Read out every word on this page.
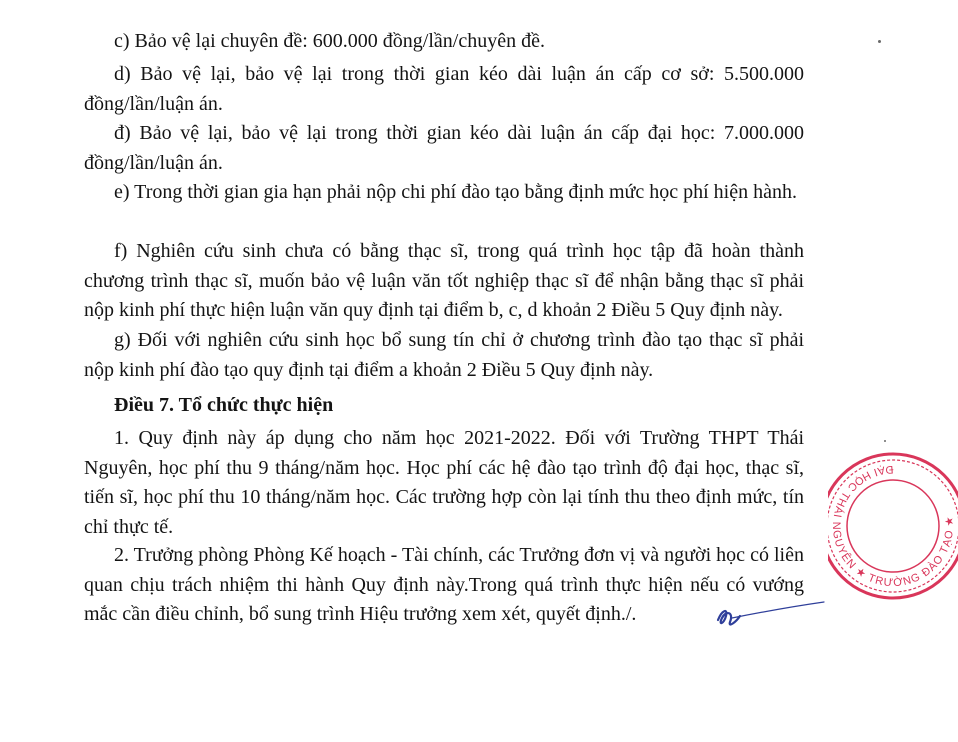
c) Bảo vệ lại chuyên đề: 600.000 đồng/lần/chuyên đề.

d) Bảo vệ lại, bảo vệ lại trong thời gian kéo dài luận án cấp cơ sở: 5.500.000 đồng/lần/luận án.

đ) Bảo vệ lại, bảo vệ lại trong thời gian kéo dài luận án cấp đại học: 7.000.000 đồng/lần/luận án.

e) Trong thời gian gia hạn phải nộp chi phí đào tạo bằng định mức học phí hiện hành.

f) Nghiên cứu sinh chưa có bằng thạc sĩ, trong quá trình học tập đã hoàn thành chương trình thạc sĩ, muốn bảo vệ luận văn tốt nghiệp thạc sĩ để nhận bằng thạc sĩ phải nộp kinh phí thực hiện luận văn quy định tại điểm b, c, d khoản 2 Điều 5 Quy định này.

g) Đối với nghiên cứu sinh học bổ sung tín chỉ ở chương trình đào tạo thạc sĩ phải nộp kinh phí đào tạo quy định tại điểm a khoản 2 Điều 5 Quy định này.

Điều 7. Tổ chức thực hiện

1. Quy định này áp dụng cho năm học 2021-2022. Đối với Trường THPT Thái Nguyên, học phí thu 9 tháng/năm học. Học phí các hệ đào tạo trình độ đại học, thạc sĩ, tiến sĩ, học phí thu 10 tháng/năm học. Các trường hợp còn lại tính thu theo định mức, tín chỉ thực tế.

2. Trưởng phòng Phòng Kế hoạch - Tài chính, các Trưởng đơn vị và người học có liên quan chịu trách nhiệm thi hành Quy định này.Trong quá trình thực hiện nếu có vướng mắc cần điều chỉnh, bổ sung trình Hiệu trưởng xem xét, quyết định./.

ĐẠI HỌC THÁI NGUYÊN ★ TRƯỜNG ĐÀO TẠO ★
